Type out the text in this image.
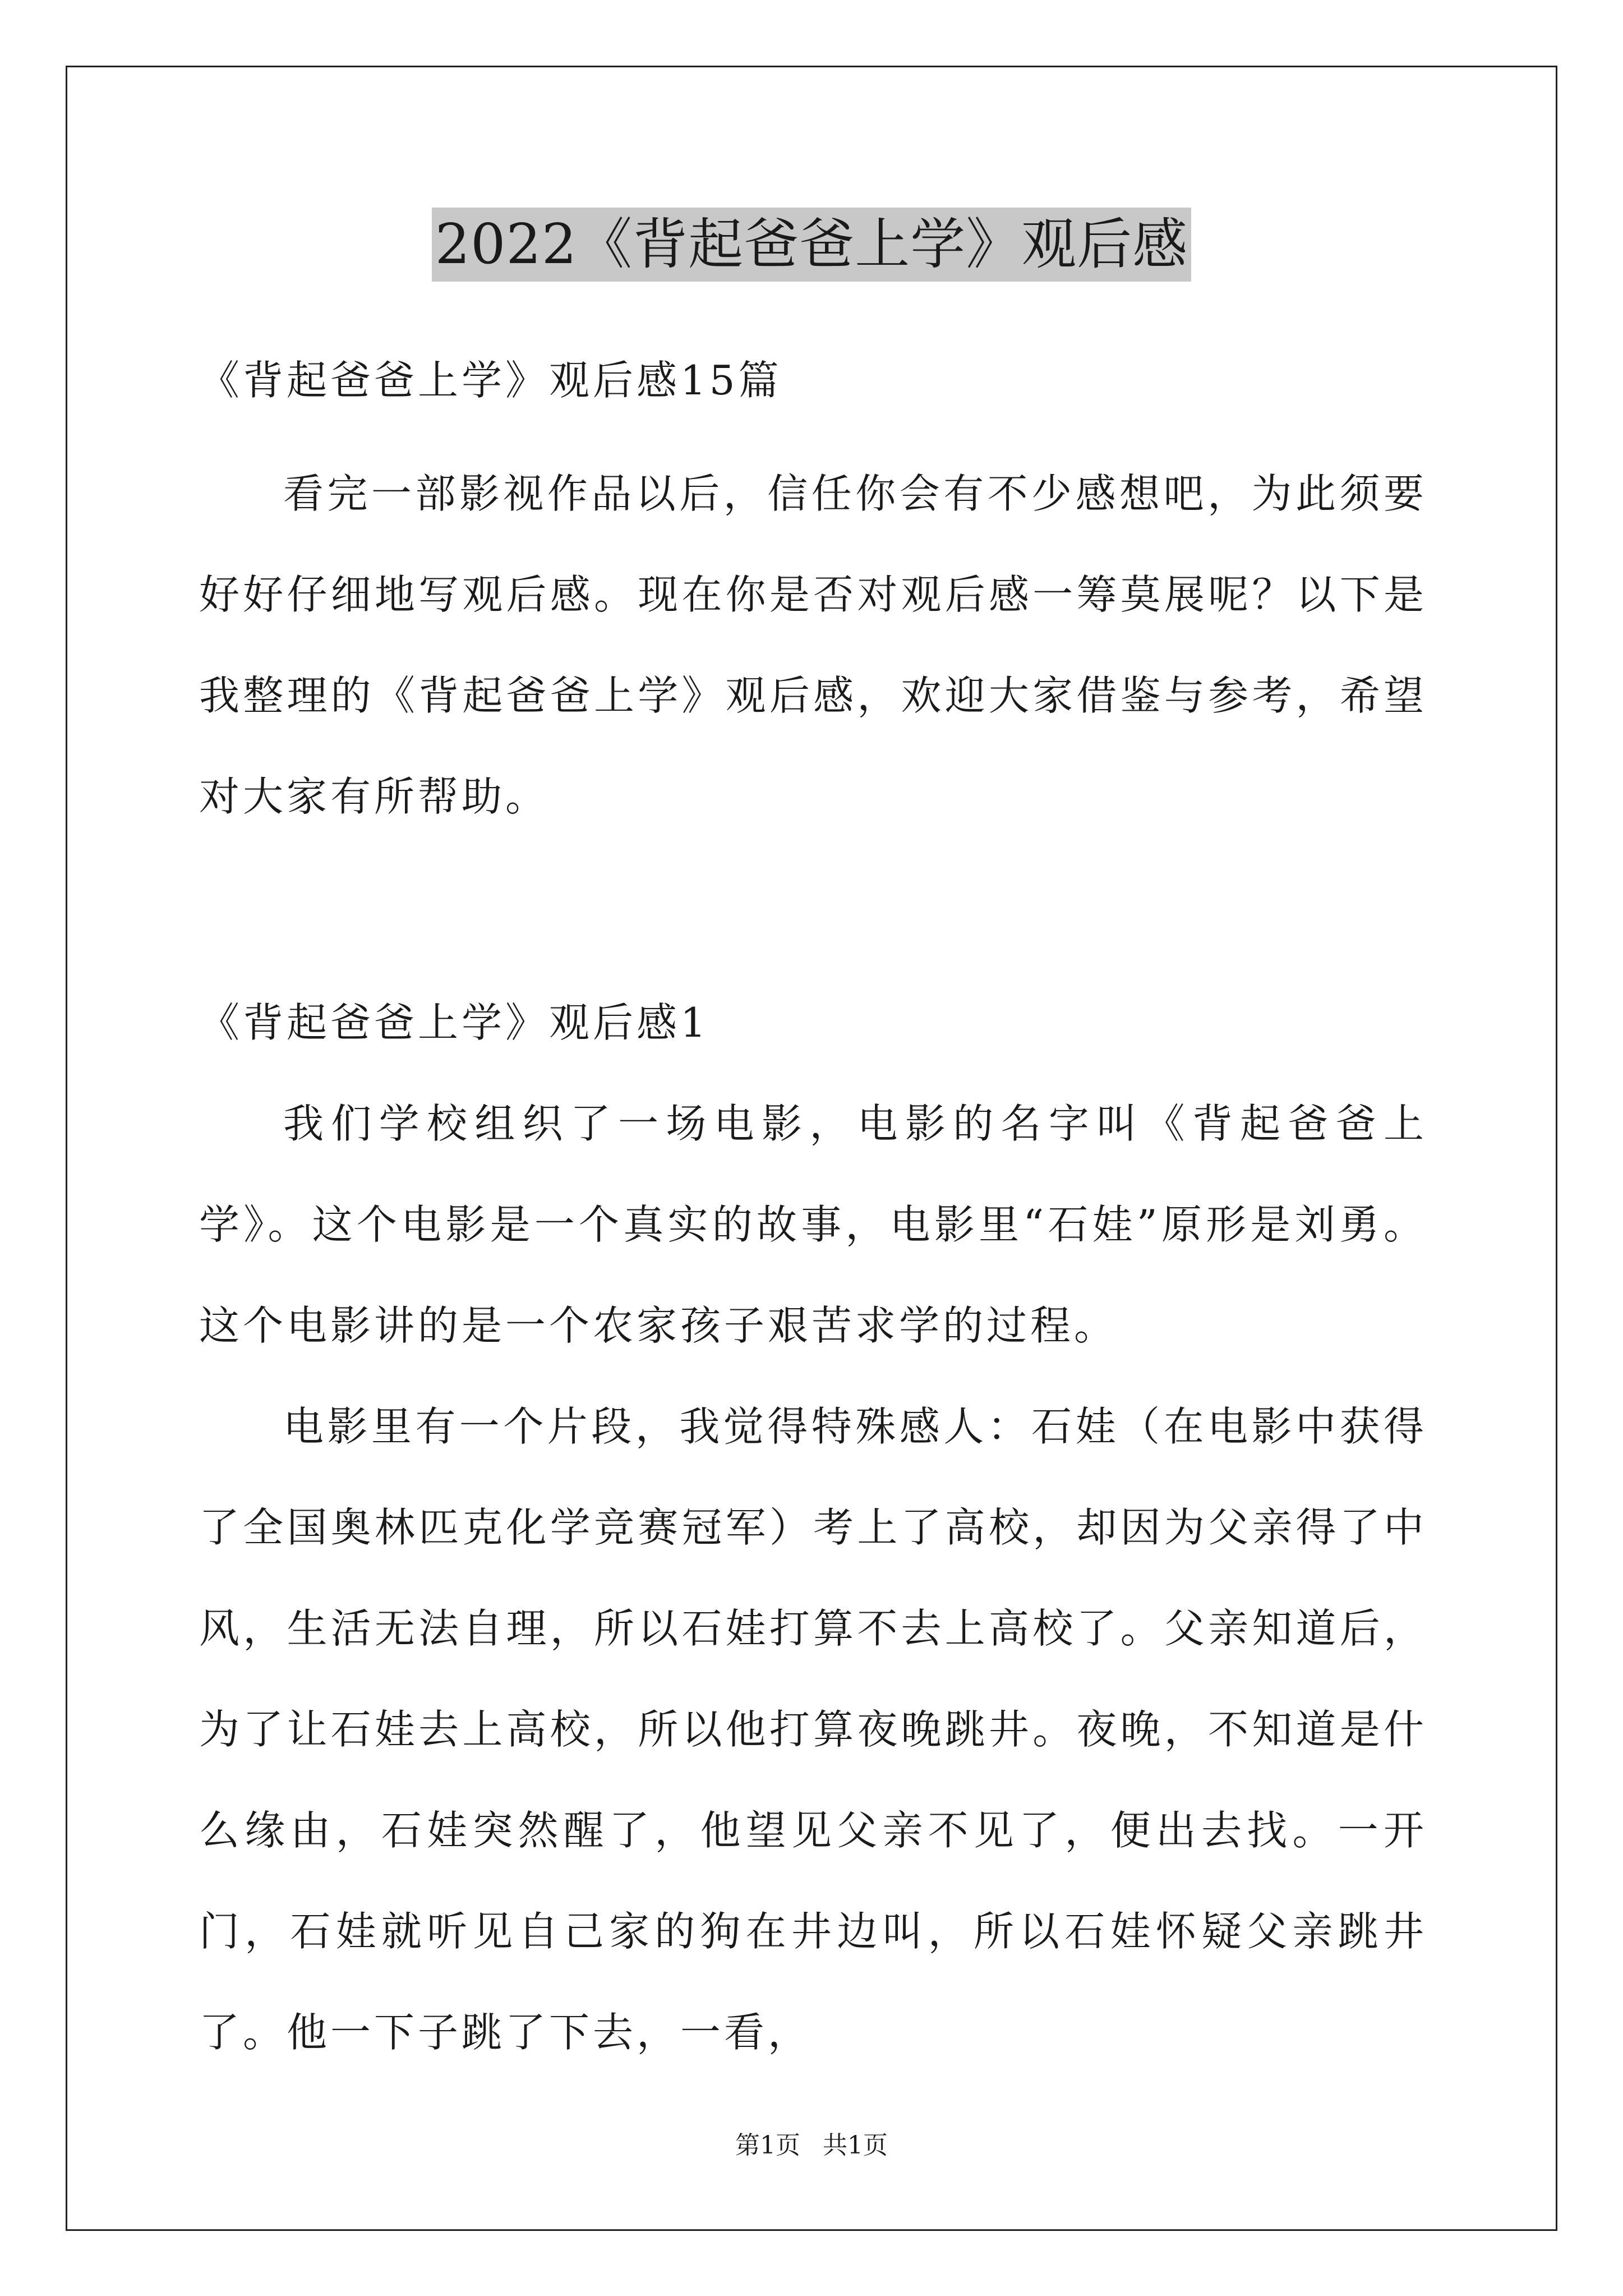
2022《背起爸爸上学》观后感
《背起爸爸上学》观后感15篇

看完一部影视作品以后，信任你会有不少感想吧，为此须要好好仔细地写观后感。现在你是否对观后感一筹莫展呢？以下是我整理的《背起爸爸上学》观后感，欢迎大家借鉴与参考，希望对大家有所帮助。

《背起爸爸上学》观后感1

我们学校组织了一场电影，电影的名字叫《背起爸爸上学》。这个电影是一个真实的故事，电影里“石娃”原形是刘勇。这个电影讲的是一个农家孩子艰苦求学的过程。

电影里有一个片段，我觉得特殊感人：石娃（在电影中获得了全国奥林匹克化学竞赛冠军）考上了高校，却因为父亲得了中风，生活无法自理，所以石娃打算不去上高校了。父亲知道后，为了让石娃去上高校，所以他打算夜晚跳井。夜晚，不知道是什么缘由，石娃突然醒了，他望见父亲不见了，便出去找。一开门，石娃就听见自己家的狗在井边叫，所以石娃怀疑父亲跳井了。他一下子跳了下去，一看，

第1页 共1页
